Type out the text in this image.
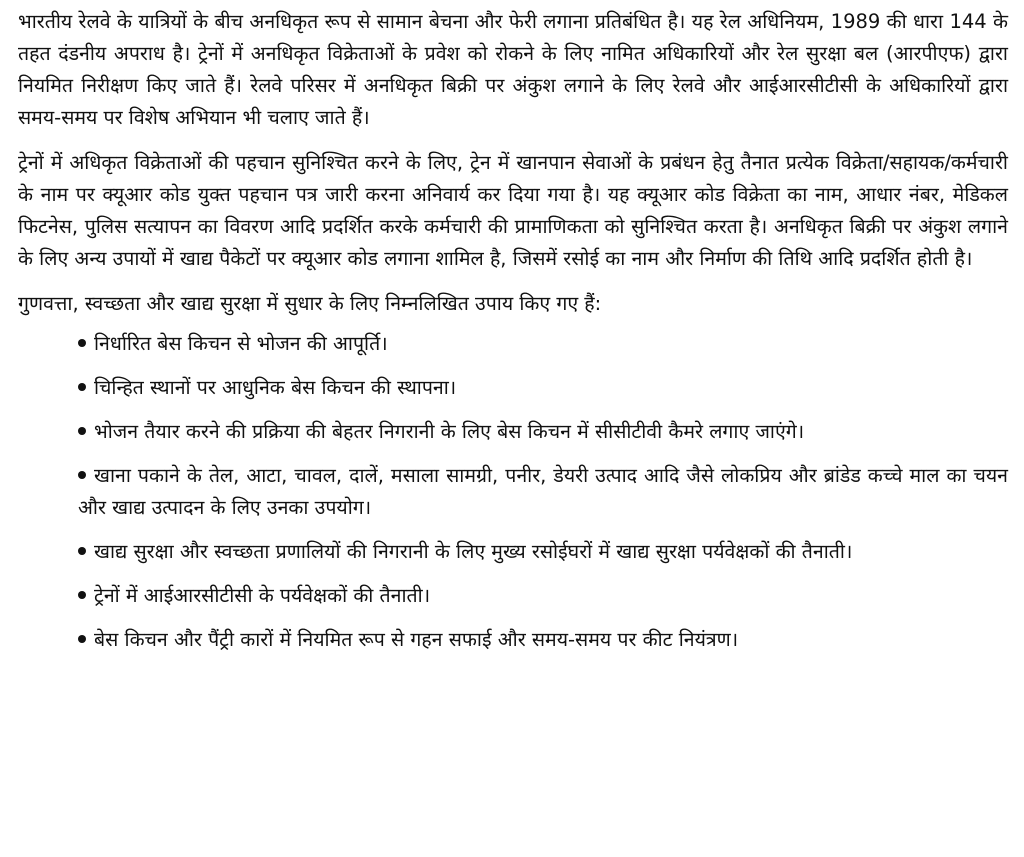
भारतीय रेलवे के यात्रियों के बीच अनधिकृत रूप से सामान बेचना और फेरी लगाना प्रतिबंधित है। यह रेल अधिनियम, 1989 की धारा 144 के तहत दंडनीय अपराध है। ट्रेनों में अनधिकृत विक्रेताओं के प्रवेश को रोकने के लिए नामित अधिकारियों और रेल सुरक्षा बल (आरपीएफ) द्वारा नियमित निरीक्षण किए जाते हैं। रेलवे परिसर में अनधिकृत बिक्री पर अंकुश लगाने के लिए रेलवे और आईआरसीटीसी के अधिकारियों द्वारा समय-समय पर विशेष अभियान भी चलाए जाते हैं।

ट्रेनों में अधिकृत विक्रेताओं की पहचान सुनिश्चित करने के लिए, ट्रेन में खानपान सेवाओं के प्रबंधन हेतु तैनात प्रत्येक विक्रेता/सहायक/कर्मचारी के नाम पर क्यूआर कोड युक्त पहचान पत्र जारी करना अनिवार्य कर दिया गया है। यह क्यूआर कोड विक्रेता का नाम, आधार नंबर, मेडिकल फिटनेस, पुलिस सत्यापन का विवरण आदि प्रदर्शित करके कर्मचारी की प्रामाणिकता को सुनिश्चित करता है। अनधिकृत बिक्री पर अंकुश लगाने के लिए अन्य उपायों में खाद्य पैकेटों पर क्यूआर कोड लगाना शामिल है, जिसमें रसोई का नाम और निर्माण की तिथि आदि प्रदर्शित होती है।

गुणवत्ता, स्वच्छता और खाद्य सुरक्षा में सुधार के लिए निम्नलिखित उपाय किए गए हैं:

निर्धारित बेस किचन से भोजन की आपूर्ति।
चिन्हित स्थानों पर आधुनिक बेस किचन की स्थापना।
भोजन तैयार करने की प्रक्रिया की बेहतर निगरानी के लिए बेस किचन में सीसीटीवी कैमरे लगाए जाएंगे।
खाना पकाने के तेल, आटा, चावल, दालें, मसाला सामग्री, पनीर, डेयरी उत्पाद आदि जैसे लोकप्रिय और ब्रांडेड कच्चे माल का चयन और खाद्य उत्पादन के लिए उनका उपयोग।
खाद्य सुरक्षा और स्वच्छता प्रणालियों की निगरानी के लिए मुख्य रसोईघरों में खाद्य सुरक्षा पर्यवेक्षकों की तैनाती।
ट्रेनों में आईआरसीटीसी के पर्यवेक्षकों की तैनाती।
बेस किचन और पैंट्री कारों में नियमित रूप से गहन सफाई और समय-समय पर कीट नियंत्रण।
